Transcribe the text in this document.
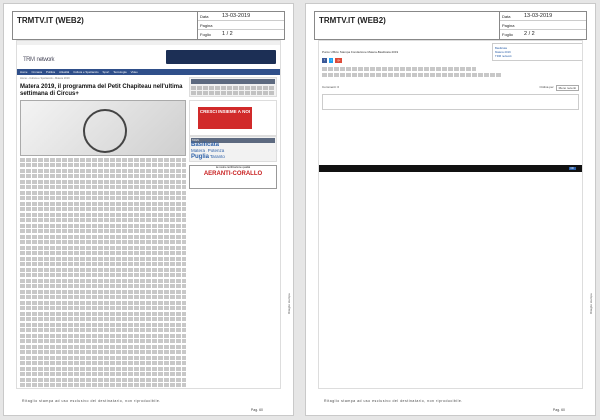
TRMTV.IT (WEB2)	Data	13-03-2019
Pagina
Foglio	1 / 2
TRM network
Home Cronaca Politica Attualità Cultura e Spettacolo Sport Tecnologia Video
Home › Cultura e Spettacolo › Matera 2019
Matera 2019, il programma del Petit Chapiteau nell'ultima settimana di Circus+

CRESCI INSIEME A NOI
TAGS
Basilicata
Matera · Potenza
Puglia Taranto
la nostra certificazione qualità
AERANTI-CORALLO
Ritaglio stampa
Ritaglio stampa ad uso esclusivo del destinatario, non riproducibile.
Pag. 60
TRMTV.IT (WEB2)	Data	13-03-2019
Pagina
Foglio	2 / 2
Punto Ufficio Stampa Fondazione Matera-Basilicata 2019
f	t	g+
Commenti: 0	Ordina per	Meno recenti
Basilicata
Matera 2019
TRM network

OK
Ritaglio stampa
Ritaglio stampa ad uso esclusivo del destinatario, non riproducibile.
Pag. 60
